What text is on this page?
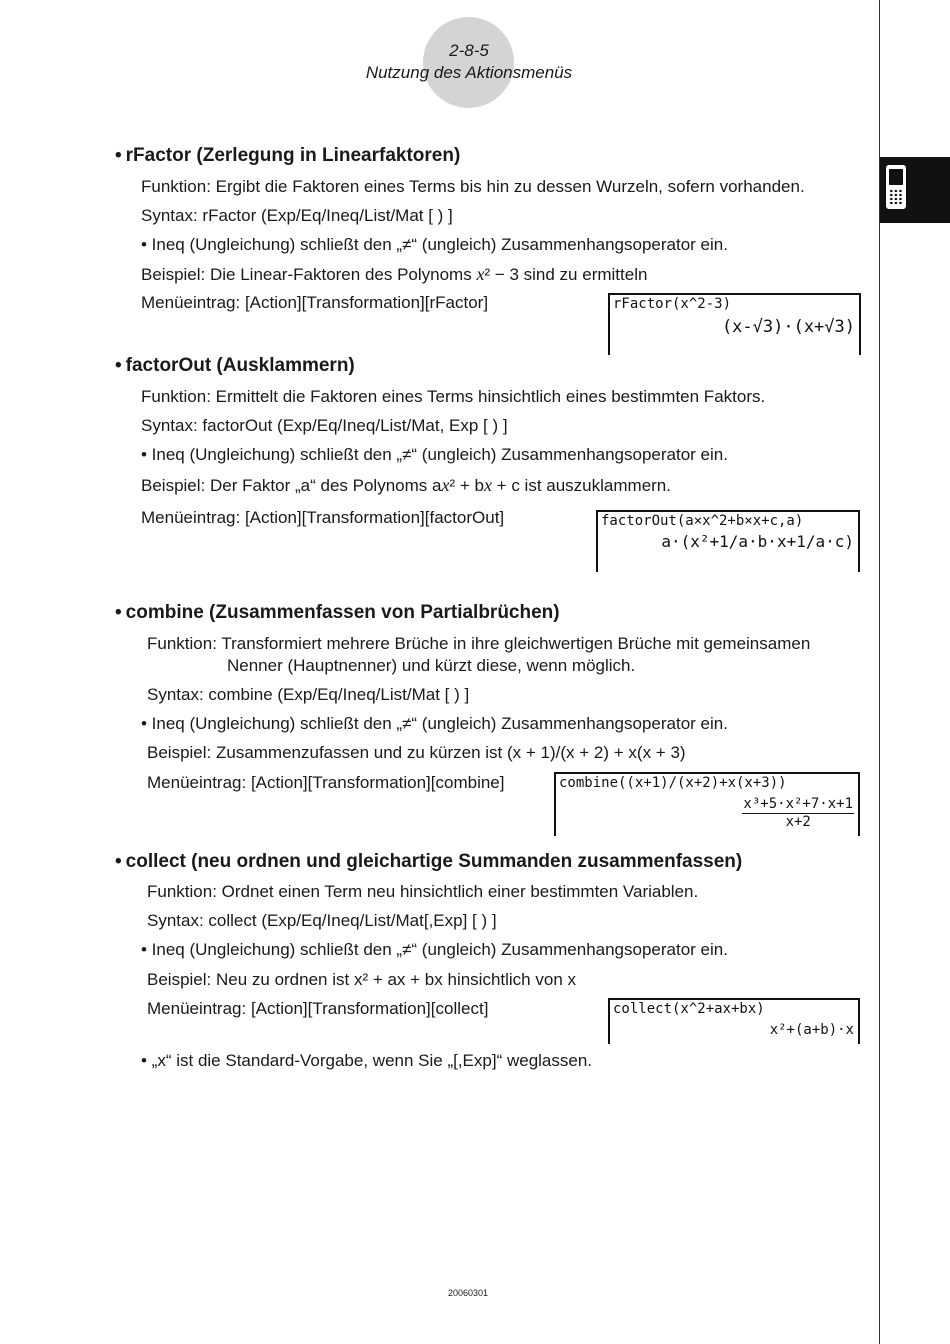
2-8-5
Nutzung des Aktionsmenüs
• rFactor (Zerlegung in Linearfaktoren)
Funktion: Ergibt die Faktoren eines Terms bis hin zu dessen Wurzeln, sofern vorhanden.
Syntax: rFactor (Exp/Eq/Ineq/List/Mat [ ) ]
• Ineq (Ungleichung) schließt den „≠“ (ungleich) Zusammenhangsoperator ein.
Beispiel: Die Linear-Faktoren des Polynoms x² − 3 sind zu ermitteln
Menüeintrag: [Action][Transformation][rFactor]	rFactor(x^2-3)
(x-√3)·(x+√3)
• factorOut (Ausklammern)
Funktion: Ermittelt die Faktoren eines Terms hinsichtlich eines bestimmten Faktors.
Syntax: factorOut (Exp/Eq/Ineq/List/Mat, Exp [ ) ]
• Ineq (Ungleichung) schließt den „≠“ (ungleich) Zusammenhangsoperator ein.
Beispiel: Der Faktor „a“ des Polynoms ax² + bx + c ist auszuklammern.
Menüeintrag: [Action][Transformation][factorOut]	factorOut(a×x^2+b×x+c,a)
a·(x²+1/a·b·x+1/a·c)
• combine (Zusammenfassen von Partialbrüchen)
Funktion: Transformiert mehrere Brüche in ihre gleichwertigen Brüche mit gemeinsamen
Nenner (Hauptnenner) und kürzt diese, wenn möglich.
Syntax: combine (Exp/Eq/Ineq/List/Mat [ ) ]
• Ineq (Ungleichung) schließt den „≠“ (ungleich) Zusammenhangsoperator ein.
Beispiel: Zusammenzufassen und zu kürzen ist (x + 1)/(x + 2) + x(x + 3)
Menüeintrag: [Action][Transformation][combine]	combine((x+1)/(x+2)+x(x+3))
$\frac{\text{x³+5·x²+7·x+1}}{x+2}$
• collect (neu ordnen und gleichartige Summanden zusammenfassen)
Funktion: Ordnet einen Term neu hinsichtlich einer bestimmten Variablen.
Syntax: collect (Exp/Eq/Ineq/List/Mat[,Exp] [ ) ]
• Ineq (Ungleichung) schließt den „≠“ (ungleich) Zusammenhangsoperator ein.
Beispiel: Neu zu ordnen ist x² + ax + bx hinsichtlich von x
Menüeintrag: [Action][Transformation][collect]	collect(x^2+ax+bx)
x²+(a+b)·x
• „x“ ist die Standard-Vorgabe, wenn Sie „[,Exp]“ weglassen.
20060301
